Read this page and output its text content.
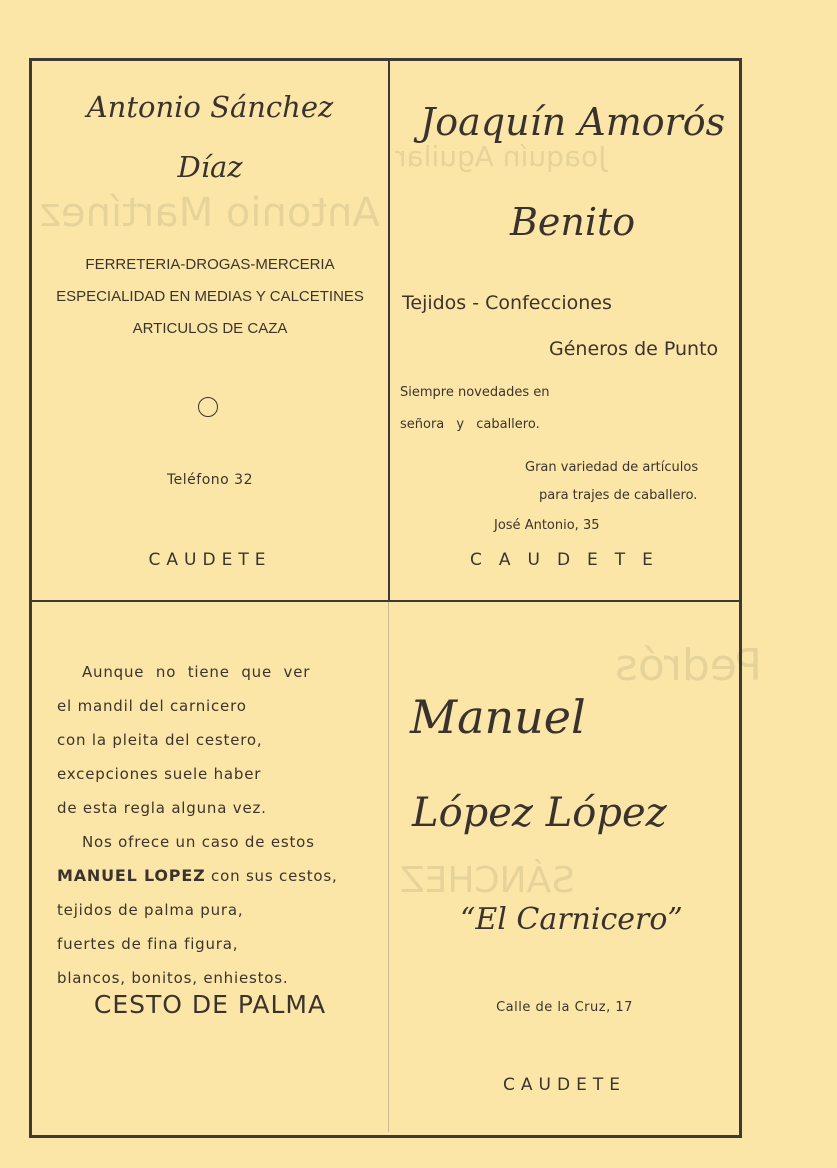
Antonio Martínez
Joaquín Aguilar
Pedrós
SÁNCHEZ
Antonio Sánchez
Díaz
FERRETERIA-DROGAS-MERCERIA
ESPECIALIDAD EN MEDIAS Y CALCETINES
ARTICULOS DE CAZA
Teléfono 32
CAUDETE
Joaquín Amorós
Benito
Tejidos - Confecciones
Géneros de Punto
Siempre novedades en
señora y caballero.
Gran variedad de artículos
para trajes de caballero.
José Antonio, 35
CAUDETE
Aunque no tiene que ver
el mandil del carnicero
con la pleita del cestero,
excepciones suele haber
de esta regla alguna vez.
Nos ofrece un caso de estos
MANUEL LOPEZ con sus cestos,
tejidos de palma pura,
fuertes de fina figura,
blancos, bonitos, enhiestos.
CESTO DE PALMA
Manuel
López López
“El Carnicero”
Calle de la Cruz, 17
CAUDETE
